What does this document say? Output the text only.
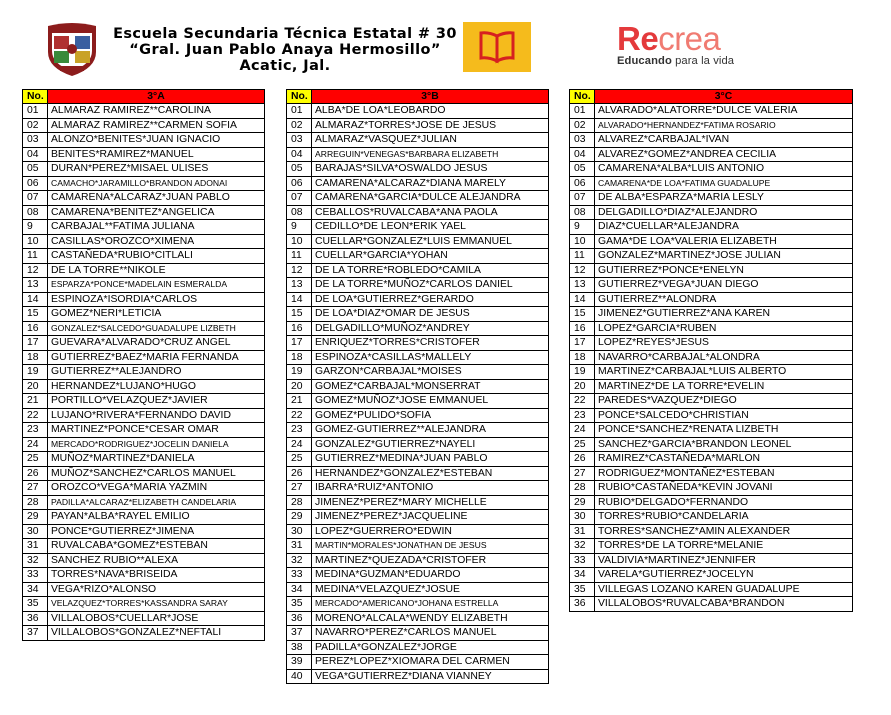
Escuela Secundaria Técnica Estatal # 30
“Gral. Juan Pablo Anaya Hermosillo”
Acatic, Jal.
Recrea
Educando para la vida
No.	3°A
01	ALMARAZ RAMIREZ**CAROLINA
02	ALMARAZ RAMIREZ**CARMEN SOFIA
03	ALONZO*BENITES*JUAN IGNACIO
04	BENITES*RAMIREZ*MANUEL
05	DURAN*PEREZ*MISAEL ULISES
06	CAMACHO*JARAMILLO*BRANDON ADONAI
07	CAMARENA*ALCARAZ*JUAN PABLO
08	CAMARENA*BENITEZ*ANGELICA
9	CARBAJAL**FATIMA JULIANA
10	CASILLAS*OROZCO*XIMENA
11	CASTAÑEDA*RUBIO*CITLALI
12	DE LA TORRE**NIKOLE
13	ESPARZA*PONCE*MADELAIN ESMERALDA
14	ESPINOZA*ISORDIA*CARLOS
15	GOMEZ*NERI*LETICIA
16	GONZALEZ*SALCEDO*GUADALUPE LIZBETH
17	GUEVARA*ALVARADO*CRUZ ANGEL
18	GUTIERREZ*BAEZ*MARIA FERNANDA
19	GUTIERREZ**ALEJANDRO
20	HERNANDEZ*LUJANO*HUGO
21	PORTILLO*VELAZQUEZ*JAVIER
22	LUJANO*RIVERA*FERNANDO DAVID
23	MARTINEZ*PONCE*CESAR OMAR
24	MERCADO*RODRIGUEZ*JOCELIN DANIELA
25	MUÑOZ*MARTINEZ*DANIELA
26	MUÑOZ*SANCHEZ*CARLOS MANUEL
27	OROZCO*VEGA*MARIA YAZMIN
28	PADILLA*ALCARAZ*ELIZABETH CANDELARIA
29	PAYAN*ALBA*RAYEL EMILIO
30	PONCE*GUTIERREZ*JIMENA
31	RUVALCABA*GOMEZ*ESTEBAN
32	SANCHEZ RUBIO**ALEXA
33	TORRES*NAVA*BRISEIDA
34	VEGA*RIZO*ALONSO
35	VELAZQUEZ*TORRES*KASSANDRA SARAY
36	VILLALOBOS*CUELLAR*JOSE
37	VILLALOBOS*GONZALEZ*NEFTALI
No.	3°B
01	ALBA*DE LOA*LEOBARDO
02	ALMARAZ*TORRES*JOSE DE JESUS
03	ALMARAZ*VASQUEZ*JULIAN
04	ARREGUIN*VENEGAS*BARBARA ELIZABETH
05	BARAJAS*SILVA*OSWALDO JESUS
06	CAMARENA*ALCARAZ*DIANA MARELY
07	CAMARENA*GARCIA*DULCE ALEJANDRA
08	CEBALLOS*RUVALCABA*ANA PAOLA
9	CEDILLO*DE LEON*ERIK YAEL
10	CUELLAR*GONZALEZ*LUIS EMMANUEL
11	CUELLAR*GARCIA*YOHAN
12	DE LA TORRE*ROBLEDO*CAMILA
13	DE LA TORRE*MUÑOZ*CARLOS DANIEL
14	DE LOA*GUTIERREZ*GERARDO
15	DE LOA*DIAZ*OMAR DE JESUS
16	DELGADILLO*MUÑOZ*ANDREY
17	ENRIQUEZ*TORRES*CRISTOFER
18	ESPINOZA*CASILLAS*MALLELY
19	GARZON*CARBAJAL*MOISES
20	GOMEZ*CARBAJAL*MONSERRAT
21	GOMEZ*MUÑOZ*JOSE EMMANUEL
22	GOMEZ*PULIDO*SOFIA
23	GOMEZ-GUTIERREZ**ALEJANDRA
24	GONZALEZ*GUTIERREZ*NAYELI
25	GUTIERREZ*MEDINA*JUAN PABLO
26	HERNANDEZ*GONZALEZ*ESTEBAN
27	IBARRA*RUIZ*ANTONIO
28	JIMENEZ*PEREZ*MARY MICHELLE
29	JIMENEZ*PEREZ*JACQUELINE
30	LOPEZ*GUERRERO*EDWIN
31	MARTIN*MORALES*JONATHAN DE JESUS
32	MARTINEZ*QUEZADA*CRISTOFER
33	MEDINA*GUZMAN*EDUARDO
34	MEDINA*VELAZQUEZ*JOSUE
35	MERCADO*AMERICANO*JOHANA ESTRELLA
36	MORENO*ALCALA*WENDY ELIZABETH
37	NAVARRO*PEREZ*CARLOS MANUEL
38	PADILLA*GONZALEZ*JORGE
39	PEREZ*LOPEZ*XIOMARA DEL CARMEN
40	VEGA*GUTIERREZ*DIANA VIANNEY
No.	3°C
01	ALVARADO*ALATORRE*DULCE VALERIA
02	ALVARADO*HERNANDEZ*FATIMA ROSARIO
03	ALVAREZ*CARBAJAL*IVAN
04	ALVAREZ*GOMEZ*ANDREA CECILIA
05	CAMARENA*ALBA*LUIS ANTONIO
06	CAMARENA*DE LOA*FATIMA GUADALUPE
07	DE ALBA*ESPARZA*MARIA LESLY
08	DELGADILLO*DIAZ*ALEJANDRO
9	DIAZ*CUELLAR*ALEJANDRA
10	GAMA*DE LOA*VALERIA ELIZABETH
11	GONZALEZ*MARTINEZ*JOSE JULIAN
12	GUTIERREZ*PONCE*ENELYN
13	GUTIERREZ*VEGA*JUAN DIEGO
14	GUTIERREZ**ALONDRA
15	JIMENEZ*GUTIERREZ*ANA KAREN
16	LOPEZ*GARCIA*RUBEN
17	LOPEZ*REYES*JESUS
18	NAVARRO*CARBAJAL*ALONDRA
19	MARTINEZ*CARBAJAL*LUIS ALBERTO
20	MARTINEZ*DE LA TORRE*EVELIN
22	PAREDES*VAZQUEZ*DIEGO
23	PONCE*SALCEDO*CHRISTIAN
24	PONCE*SANCHEZ*RENATA LIZBETH
25	SANCHEZ*GARCIA*BRANDON LEONEL
26	RAMIREZ*CASTAÑEDA*MARLON
27	RODRIGUEZ*MONTAÑEZ*ESTEBAN
28	RUBIO*CASTAÑEDA*KEVIN JOVANI
29	RUBIO*DELGADO*FERNANDO
30	TORRES*RUBIO*CANDELARIA
31	TORRES*SANCHEZ*AMIN ALEXANDER
32	TORRES*DE LA TORRE*MELANIE
33	VALDIVIA*MARTINEZ*JENNIFER
34	VARELA*GUTIERREZ*JOCELYN
35	VILLEGAS LOZANO KAREN GUADALUPE
36	VILLALOBOS*RUVALCABA*BRANDON
